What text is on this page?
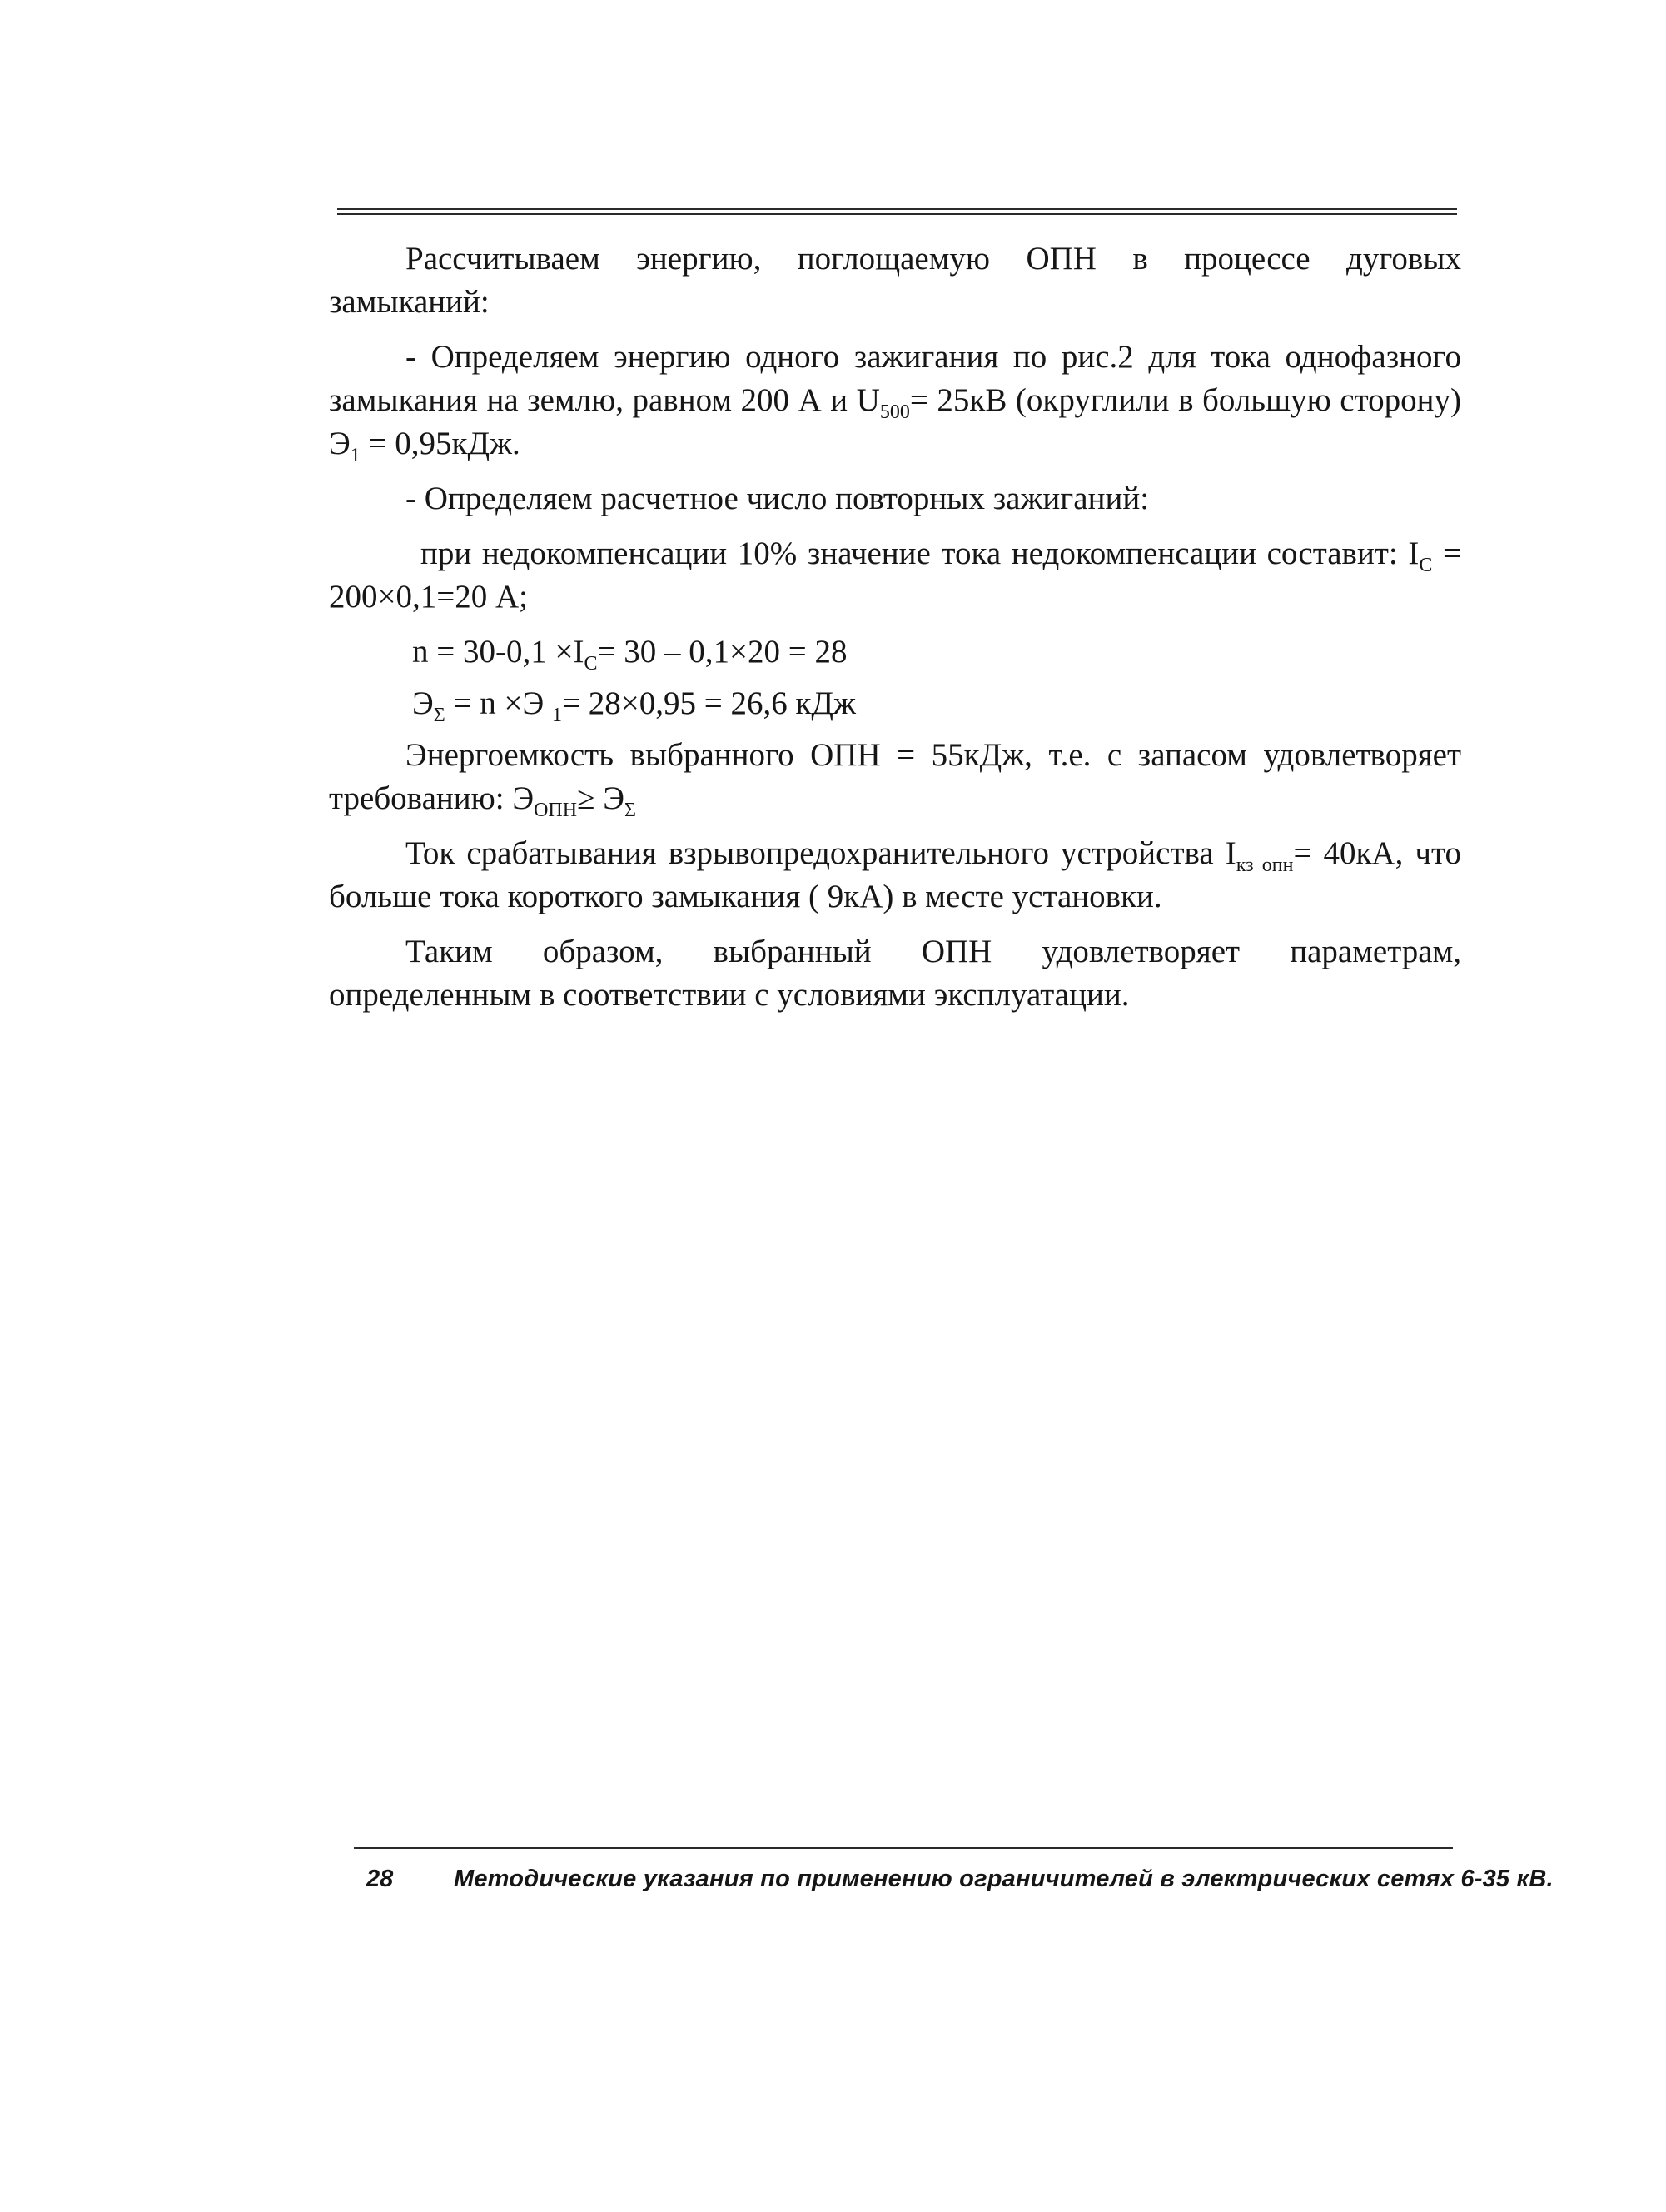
Рассчитываем энергию, поглощаемую ОПН в процессе дуговых замыканий:

- Определяем энергию одного зажигания по рис.2 для тока однофазного замыкания на землю, равном 200 А и $U_{500}= 25кВ$ (округлили в большую сторону) $Э_1 = 0,95кДж$.

- Определяем расчетное число повторных зажиганий:

при недокомпенсации 10% значение тока недокомпенсации составит: $I_C = 200\times 0,1=20$ А;

$n = 30-0,1 \times I_C= 30 - 0,1\times 20 = 28$

$Э_\Sigma = n \times Э$ $_1$= 28×0,95 = 26,6 кДж

Энергоемкость выбранного ОПН = 55кДж, т.е. с запасом удовлетворяет требованию: $Э_{ОПН}\ge Э_\Sigma$

Ток срабатывания взрывопредохранительного устройства $I_{кз опн}= 40кА$, что больше тока короткого замыкания ( 9кА) в месте установки.

Таким образом, выбранный ОПН удовлетворяет параметрам, определенным в соответствии с условиями эксплуатации.

28	Методические указания по применению ограничителей в электрических сетях 6-35 кВ.
